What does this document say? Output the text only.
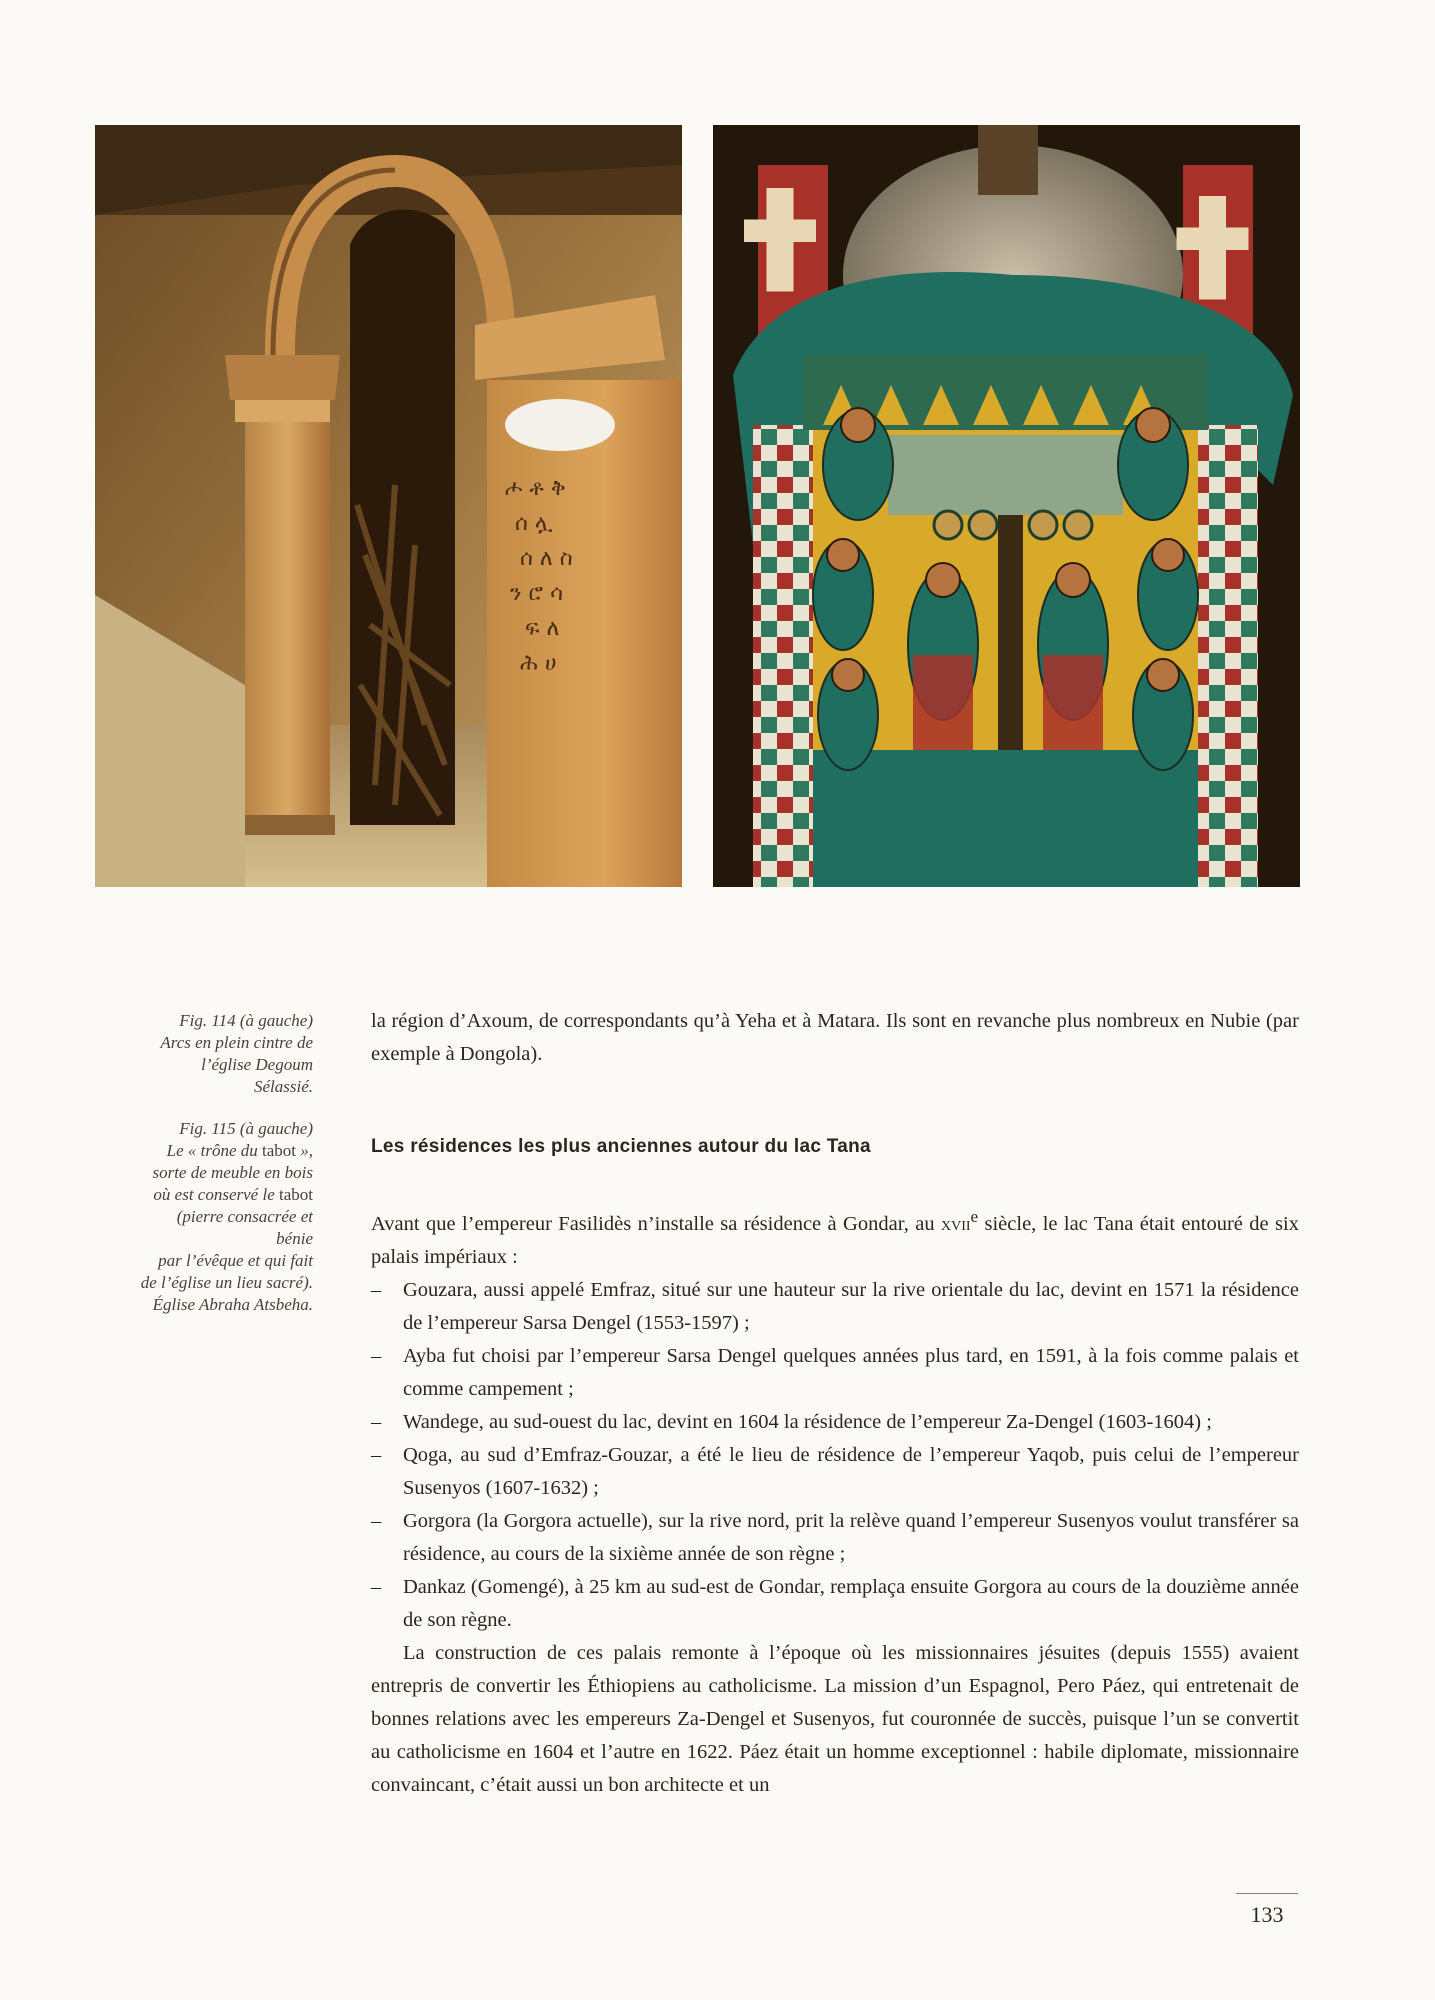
ሖ ቶ ቅ
ሰ ሏ
ሰ ለ ስ
ን ሮ ሳ
ፍ ለ
ሕ ሀ
Fig. 114 (à gauche)
Arcs en plein cintre de
l’église Degoum Sélassié.
Fig. 115 (à gauche)
Le « trône du tabot »,
sorte de meuble en bois
où est conservé le tabot
(pierre consacrée et bénie
par l’évêque et qui fait
de l’église un lieu sacré).
Église Abraha Atsbeha.

la région d’Axoum, de correspondants qu’à Yeha et à Matara. Ils sont en revanche plus nombreux en Nubie (par exemple à Dongola).

Les résidences les plus anciennes autour du lac Tana

Avant que l’empereur Fasilidès n’installe sa résidence à Gondar, au xvii$^e$ siècle, le lac Tana était entouré de six palais impériaux :

– Gouzara, aussi appelé Emfraz, situé sur une hauteur sur la rive orientale du lac, devint en 1571 la résidence de l’empereur Sarsa Dengel (1553-1597) ;
– Ayba fut choisi par l’empereur Sarsa Dengel quelques années plus tard, en 1591, à la fois comme palais et comme campement ;
– Wandege, au sud-ouest du lac, devint en 1604 la résidence de l’empereur Za-Dengel (1603-1604) ;
– Qoga, au sud d’Emfraz-Gouzar, a été le lieu de résidence de l’empereur Yaqob, puis celui de l’empereur Susenyos (1607-1632) ;
– Gorgora (la Gorgora actuelle), sur la rive nord, prit la relève quand l’empereur Susenyos voulut transférer sa résidence, au cours de la sixième année de son règne ;
– Dankaz (Gomengé), à 25 km au sud-est de Gondar, remplaça ensuite Gorgora au cours de la douzième année de son règne.

La construction de ces palais remonte à l’époque où les missionnaires jésuites (depuis 1555) avaient entrepris de convertir les Éthiopiens au catholicisme. La mission d’un Espagnol, Pero Páez, qui entretenait de bonnes relations avec les empereurs Za-Dengel et Susenyos, fut couronnée de succès, puisque l’un se convertit au catholicisme en 1604 et l’autre en 1622. Páez était un homme exceptionnel : habile diplomate, missionnaire convaincant, c’était aussi un bon architecte et un

133
